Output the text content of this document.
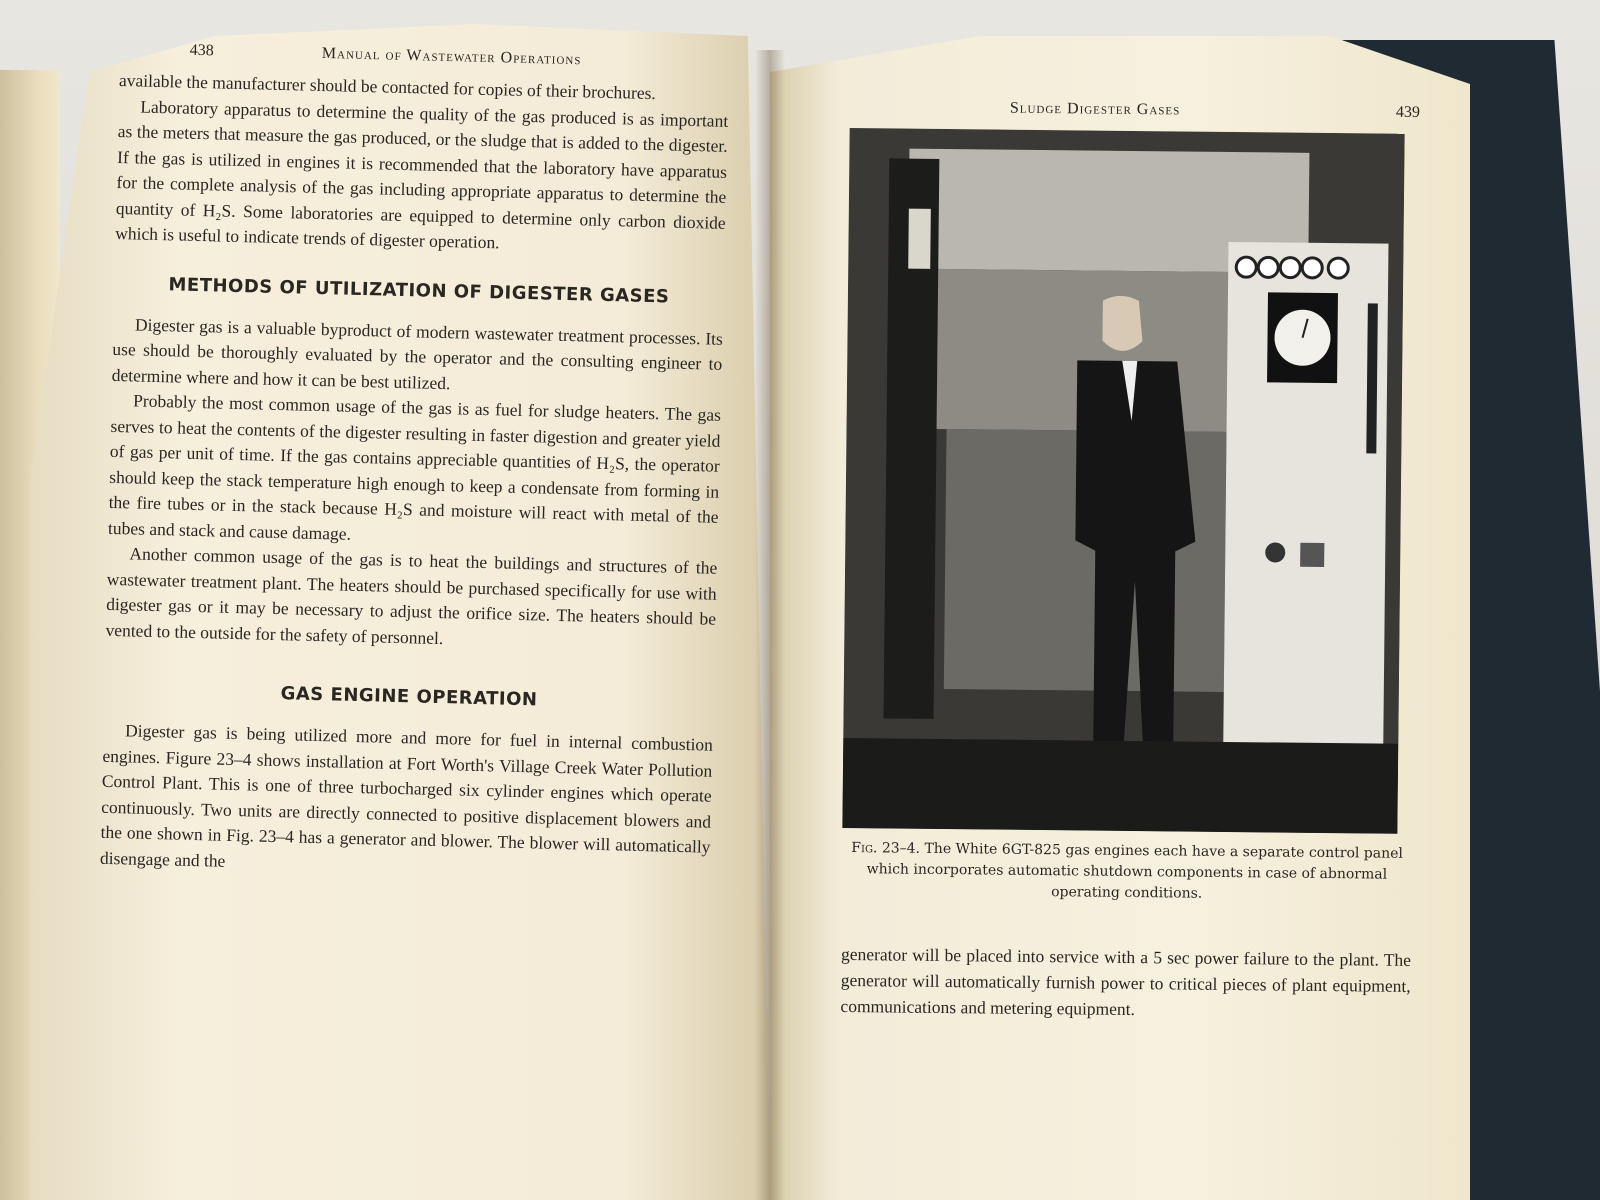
438	Manual of Wastewater Operations

available the manufacturer should be contacted for copies of their brochures.

Laboratory apparatus to determine the quality of the gas produced is as important as the meters that measure the gas produced, or the sludge that is added to the digester. If the gas is utilized in engines it is recommended that the laboratory have apparatus for the complete analysis of the gas including appropriate apparatus to determine the quantity of H₂S. Some laboratories are equipped to determine only carbon dioxide which is useful to indicate trends of digester operation.

METHODS OF UTILIZATION OF DIGESTER GASES

Digester gas is a valuable byproduct of modern wastewater treatment processes. Its use should be thoroughly evaluated by the operator and the consulting engineer to determine where and how it can be best utilized.

Probably the most common usage of the gas is as fuel for sludge heaters. The gas serves to heat the contents of the digester resulting in faster digestion and greater yield of gas per unit of time. If the gas contains appreciable quantities of H₂S, the operator should keep the stack temperature high enough to keep a condensate from forming in the fire tubes or in the stack because H₂S and moisture will react with metal of the tubes and stack and cause damage.

Another common usage of the gas is to heat the buildings and structures of the wastewater treatment plant. The heaters should be purchased specifically for use with digester gas or it may be necessary to adjust the orifice size. The heaters should be vented to the outside for the safety of personnel.

GAS ENGINE OPERATION

Digester gas is being utilized more and more for fuel in internal combustion engines. Figure 23–4 shows installation at Fort Worth's Village Creek Water Pollution Control Plant. This is one of three turbocharged six cylinder engines which operate continuously. Two units are directly connected to positive displacement blowers and the one shown in Fig. 23–4 has a generator and blower. The blower will automatically disengage and the

Sludge Digester Gases	439
Fig. 23–4. The White 6GT-825 gas engines each have a separate control panel which incorporates automatic shutdown components in case of abnormal operating conditions.

generator will be placed into service with a 5 sec power failure to the plant. The generator will automatically furnish power to critical pieces of plant equipment, communications and metering equipment.
